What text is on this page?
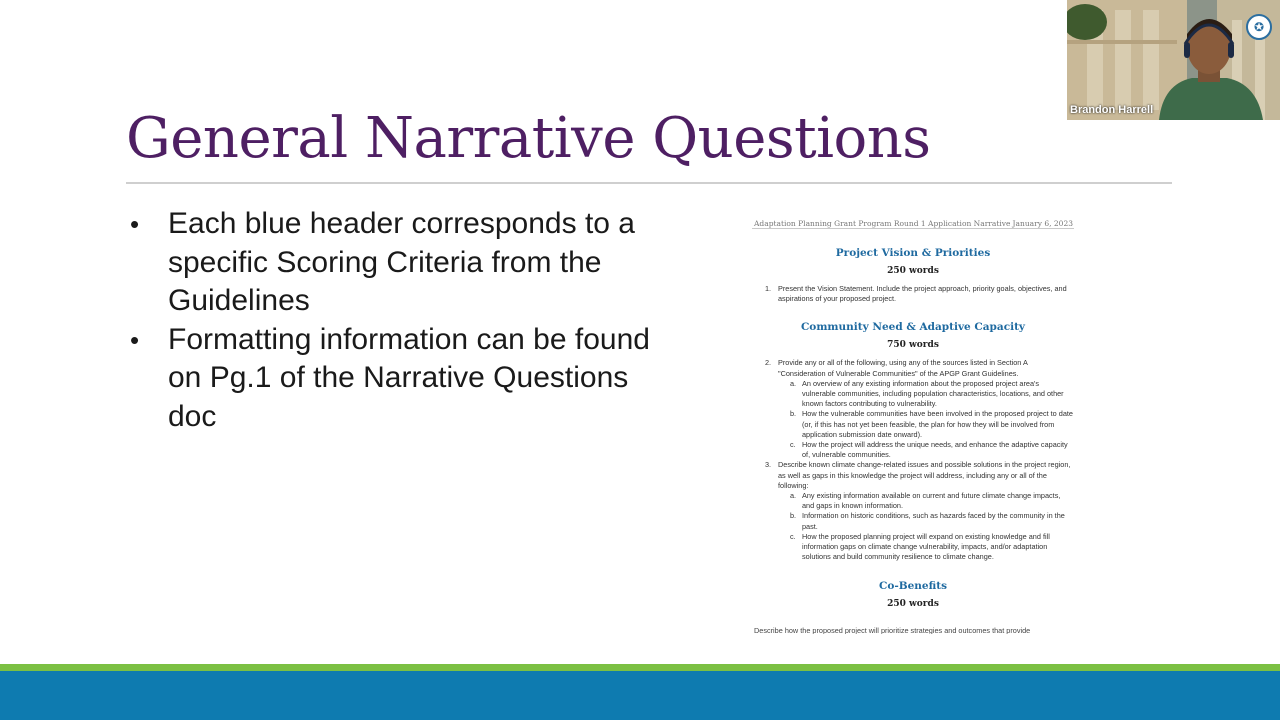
General Narrative Questions
• Each blue header corresponds to a specific Scoring Criteria from the Guidelines
• Formatting information can be found on Pg.1 of the Narrative Questions doc
Adaptation Planning Grant Program Round 1 Application Narrative January 6, 2023
Project Vision & Priorities
250 words
1. Present the Vision Statement. Include the project approach, priority goals, objectives, and aspirations of your proposed project.
Community Need & Adaptive Capacity
750 words
2. Provide any or all of the following, using any of the sources listed in Section A "Consideration of Vulnerable Communities" of the APGP Grant Guidelines.
a. An overview of any existing information about the proposed project area's vulnerable communities, including population characteristics, locations, and other known factors contributing to vulnerability.
b. How the vulnerable communities have been involved in the proposed project to date (or, if this has not yet been feasible, the plan for how they will be involved from application submission date onward).
c. How the project will address the unique needs, and enhance the adaptive capacity of, vulnerable communities.
3. Describe known climate change-related issues and possible solutions in the project region, as well as gaps in this knowledge the project will address, including any or all of the following:
a. Any existing information available on current and future climate change impacts, and gaps in known information.
b. Information on historic conditions, such as hazards faced by the community in the past.
c. How the proposed planning project will expand on existing knowledge and fill information gaps on climate change vulnerability, impacts, and/or adaptation solutions and build community resilience to climate change.
Co-Benefits
250 words
Describe how the proposed project will prioritize strategies and outcomes that provide
✪
Brandon Harrell
